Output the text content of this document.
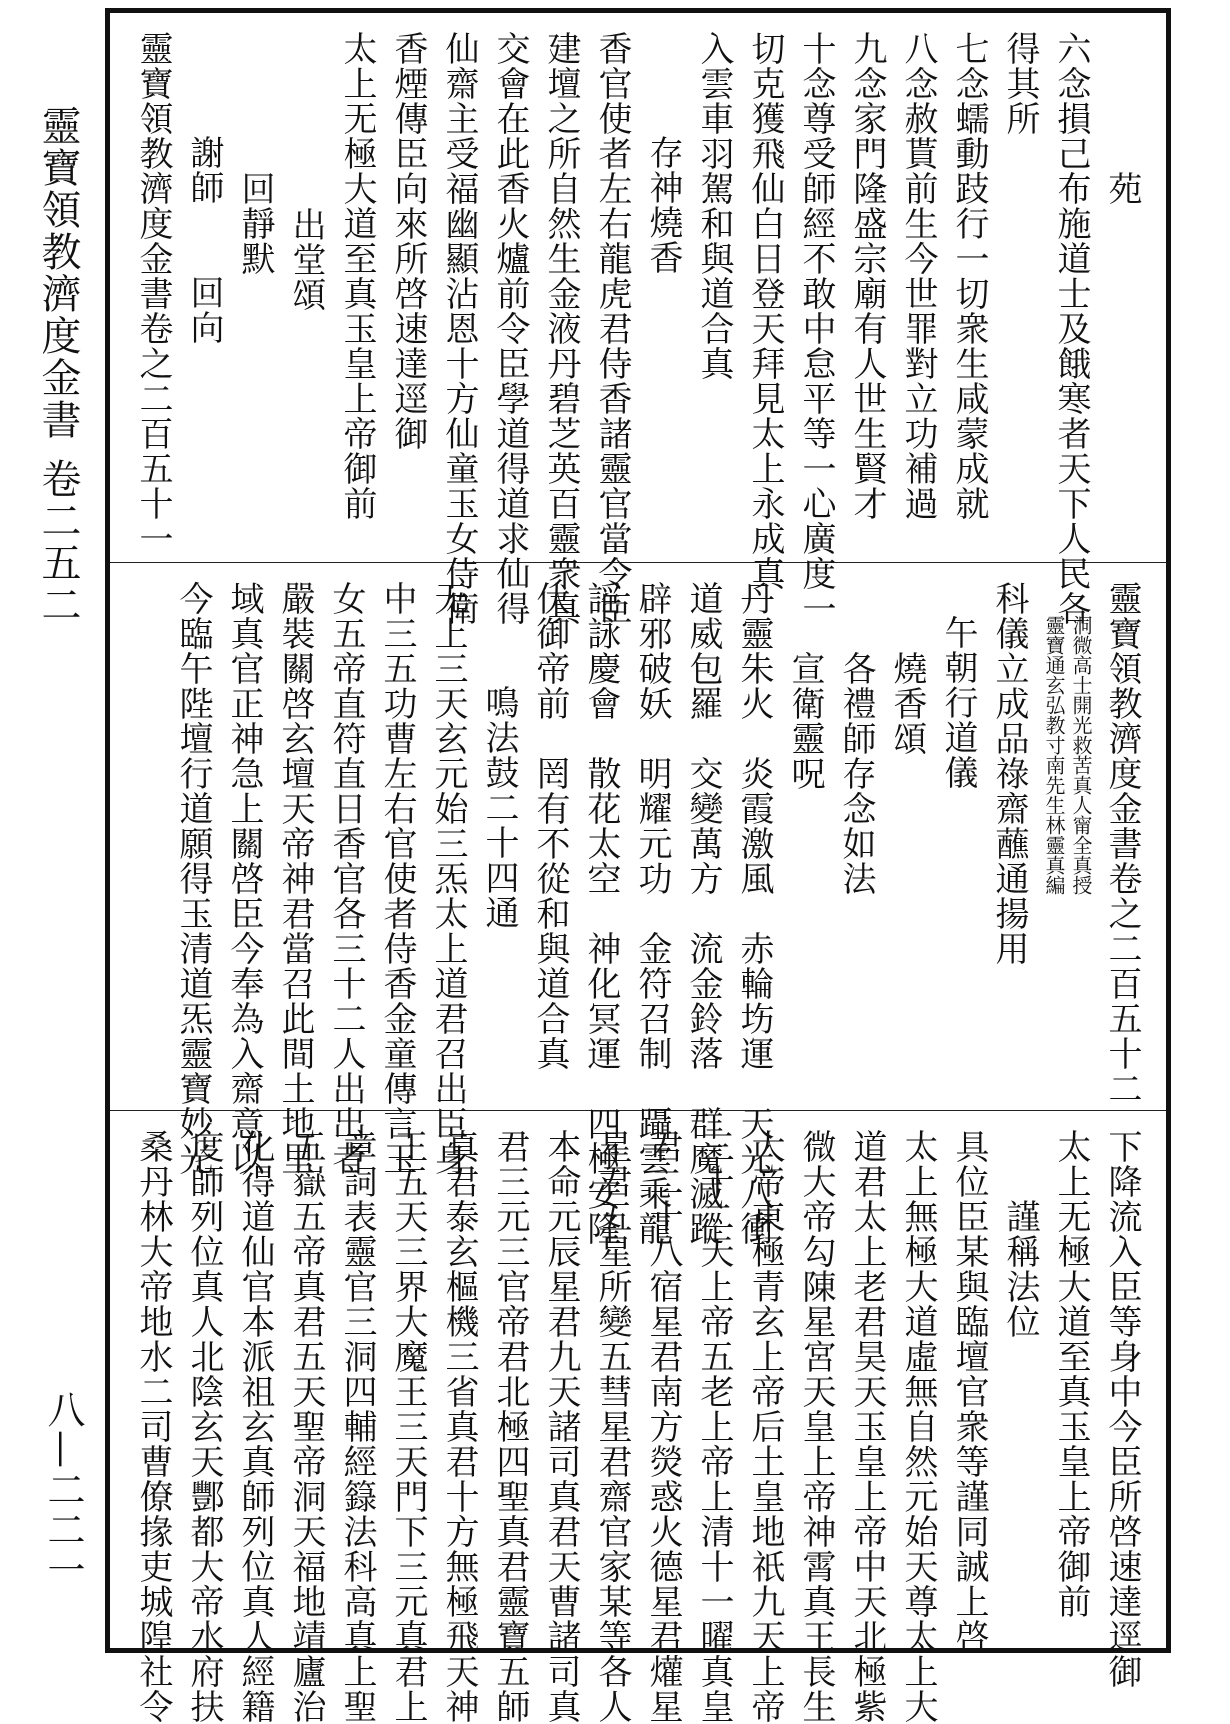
靈寶領教濟度金書
卷二五二
八—二二一
苑
六念損己布施道士及餓寒者天下人民各
得其所
七念蠕動跂行一切衆生咸蒙成就
八念赦貰前生今世罪對立功補過
九念家門隆盛宗廟有人世生賢才
十念尊受師經不敢中怠平等一心廣度一
切克獲飛仙白日登天拜見太上永成真
入雲車羽駕和與道合真
存神燒香
香官使者左右龍虎君侍香諸靈官當令臣
建壇之所自然生金液丹碧芝英百靈衆真
交會在此香火爐前令臣學道得道求仙得
仙齋主受福幽顯沾恩十方仙童玉女侍衛
香煙傳臣向來所啓速達逕御
太上无極大道至真玉皇上帝御前
出堂頌
回靜默
謝師　　回向
靈寶領教濟度金書卷之二百五十一
靈寶領教濟度金書卷之二百五十二
洞微高士開光救苦真人甯全真授
靈寶通玄弘教寸南先生林靈真編
科儀立成品祿齋蘸通揚用
午朝行道儀
燒香頌
各禮師存念如法
宣衛靈呪
丹靈朱火　炎霞激風　赤輪㘯運　天光八衝
道威包羅　交變萬方　流金鈴落　群魔滅蹤
辟邪破妖　明耀元功　金符召制　躡雲乘龍
謡詠慶會　散花太空　神化冥運　四極安隆
伏御帝前　罔有不從和與道合真
鳴法鼓二十四通
无上三天玄元始三炁太上道君召出臣身
中三五功曹左右官使者侍香金童傳言玉
女五帝直符直日香官各三十二人出出者
嚴裝關啓玄壇天帝神君當召此間土地里
域真官正神急上關啓臣今奉為入齋意以
今臨午陛壇行道願得玉清道炁靈寶妙光
下降流入臣等身中今臣所啓速達逕御
太上无極大道至真玉皇上帝御前
謹稱法位
具位臣某與臨壇官衆等謹同誠上啓
太上無極大道虛無自然元始天尊太上大
道君太上老君昊天玉皇上帝中天北極紫
微大帝勾陳星宮天皇上帝神霄真王長生
大帝東極青玄上帝后土皇地祇九天上帝
三十二天上帝五老上帝上清十一曜真皇
君二十八宿星君南方熒惑火德星君爟星
星君五星所變五彗星君齋官家某等各人
本命元辰星君九天諸司真君天曹諸司真
君三元三官帝君北極四聖真君靈寶五師
真君泰玄樞機三省真君十方無極飛天神
王五天三界大魔王三天門下三元真君上
章詞表靈官三洞四輔經籙法科高真上聖
五嶽五帝真君五天聖帝洞天福地靖廬治
化得道仙官本派祖玄真師列位真人經籍
度師列位真人北陰玄天酆都大帝水府扶
桑丹林大帝地水二司曹僚掾吏城隍社令
